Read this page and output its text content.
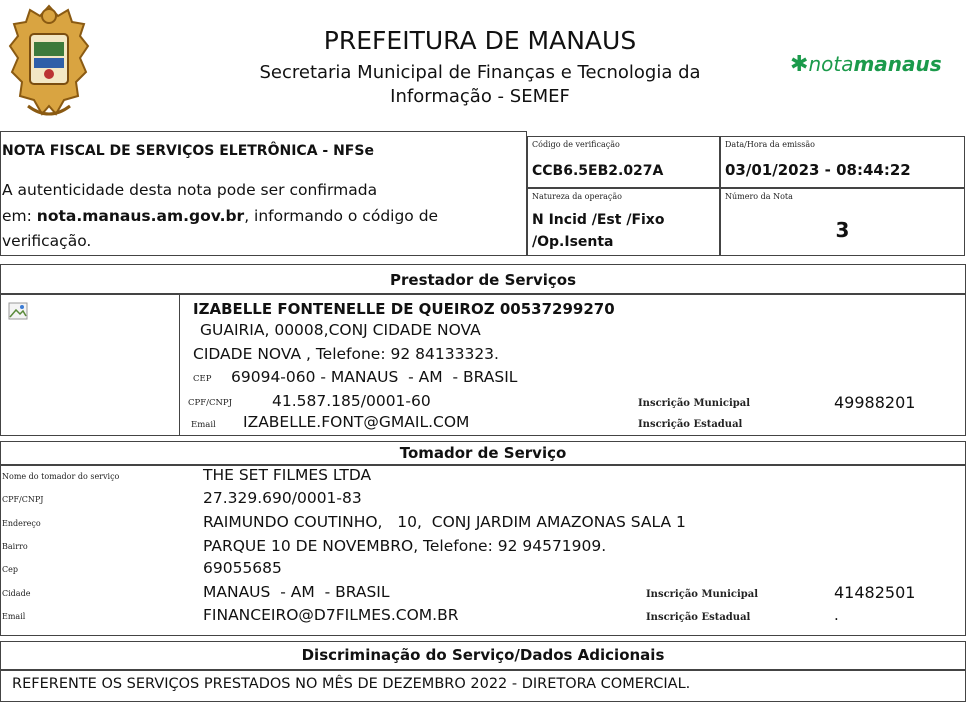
PREFEITURA DE MANAUS
Secretaria Municipal de Finanças e Tecnologia da
Informação - SEMEF
✱notamanaus
NOTA FISCAL DE SERVIÇOS ELETRÔNICA - NFSe
A autenticidade desta nota pode ser confirmada
em: nota.manaus.am.gov.br, informando o código de
verificação.
Código de verificação
CCB6.5EB2.027A
Data/Hora da emissão
03/01/2023 - 08:44:22
Natureza da operação
N Incid /Est /Fixo
/Op.Isenta
Número da Nota
3
Prestador de Serviços
IZABELLE FONTENELLE DE QUEIROZ 00537299270
GUAIRIA, 00008,CONJ CIDADE NOVA
CIDADE NOVA , Telefone: 92 84133323.
CEP 69094-060 - MANAUS  - AM  - BRASIL
CPF/CNPJ	41.587.185/0001-60
Email IZABELLE.FONT@GMAIL.COM
Inscrição Municipal	49988201
Inscrição Estadual
Tomador de Serviço
Nome do tomador do serviço	THE SET FILMES LTDA
CPF/CNPJ	27.329.690/0001-83
Endereço	RAIMUNDO COUTINHO,   10,  CONJ JARDIM AMAZONAS SALA 1
Bairro	PARQUE 10 DE NOVEMBRO, Telefone: 92 94571909.
Cep	69055685
Cidade	MANAUS  - AM  - BRASIL
Email	FINANCEIRO@D7FILMES.COM.BR
Inscrição Municipal	41482501
Inscrição Estadual	.
Discriminação do Serviço/Dados Adicionais
REFERENTE OS SERVIÇOS PRESTADOS NO MÊS DE DEZEMBRO 2022 - DIRETORA COMERCIAL.
